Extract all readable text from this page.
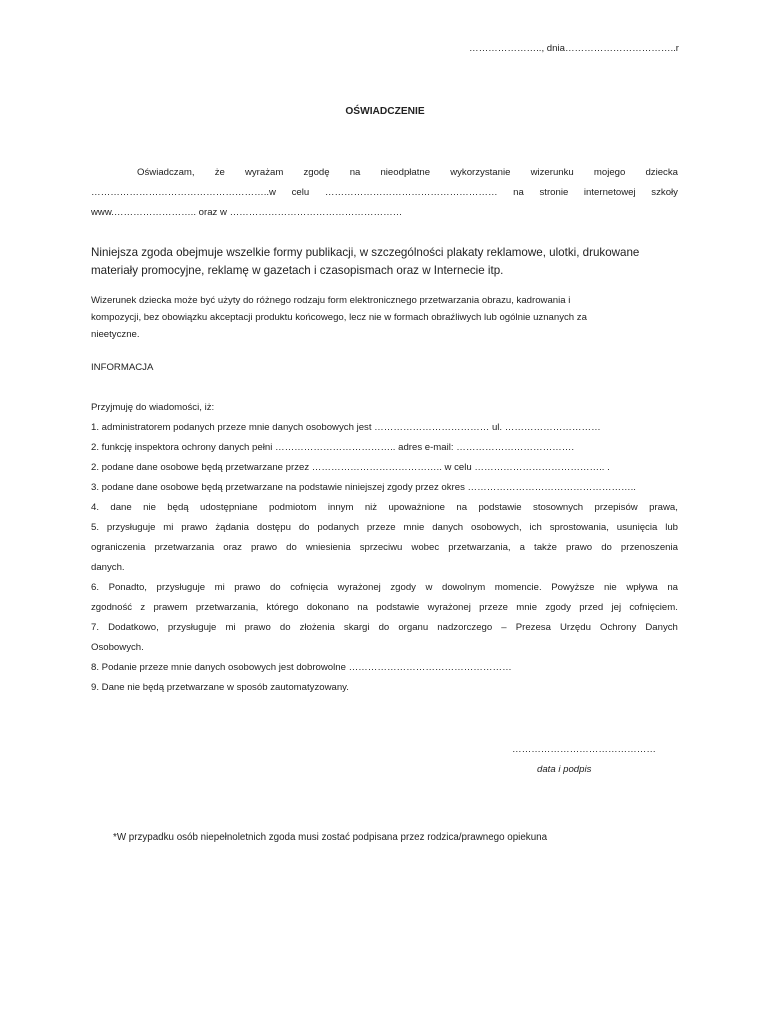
………………….., dnia……………………………..r
OŚWIADCZENIE
Oświadczam, że wyrażam zgodę na nieodpłatne wykorzystanie wizerunku mojego dziecka
………………………………………………..w celu ……………………………………………… na stronie internetowej szkoły
www.…………………….. oraz w ………………………………………………
Niniejsza zgoda obejmuje wszelkie formy publikacji, w szczególności plakaty reklamowe, ulotki, drukowane
materiały promocyjne, reklamę w gazetach i czasopismach oraz w Internecie itp.
Wizerunek dziecka może być użyty do różnego rodzaju form elektronicznego przetwarzania obrazu, kadrowania i
kompozycji, bez obowiązku akceptacji produktu końcowego, lecz nie w formach obraźliwych lub ogólnie uznanych za
nieetyczne.
INFORMACJA
Przyjmuję do wiadomości, iż:
1. administratorem podanych przeze mnie danych osobowych jest ……………………………… ul. …………………………
2. funkcję inspektora ochrony danych pełni ……………………………….. adres e-mail: ……………………………….
2. podane dane osobowe będą przetwarzane przez ………………………………….. w celu ………………………………….. .
3. podane dane osobowe będą przetwarzane na podstawie niniejszej zgody przez okres ……………………………………………..
4. dane nie będą udostępniane podmiotom innym niż upoważnione na podstawie stosownych przepisów prawa,
5. przysługuje mi prawo żądania dostępu do podanych przeze mnie danych osobowych, ich sprostowania, usunięcia lub
ograniczenia przetwarzania oraz prawo do wniesienia sprzeciwu wobec przetwarzania, a także prawo do przenoszenia
danych.
6. Ponadto, przysługuje mi prawo do cofnięcia wyrażonej zgody w dowolnym momencie. Powyższe nie wpływa na
zgodność z prawem przetwarzania, którego dokonano na podstawie wyrażonej przeze mnie zgody przed jej cofnięciem.
7. Dodatkowo, przysługuje mi prawo do złożenia skargi do organu nadzorczego – Prezesa Urzędu Ochrony Danych
Osobowych.
8. Podanie przeze mnie danych osobowych jest dobrowolne ……………………………………………
9. Dane nie będą przetwarzane w sposób zautomatyzowany.
………………………………………
data i podpis
*W przypadku osób niepełnoletnich zgoda musi zostać podpisana przez rodzica/prawnego opiekuna
